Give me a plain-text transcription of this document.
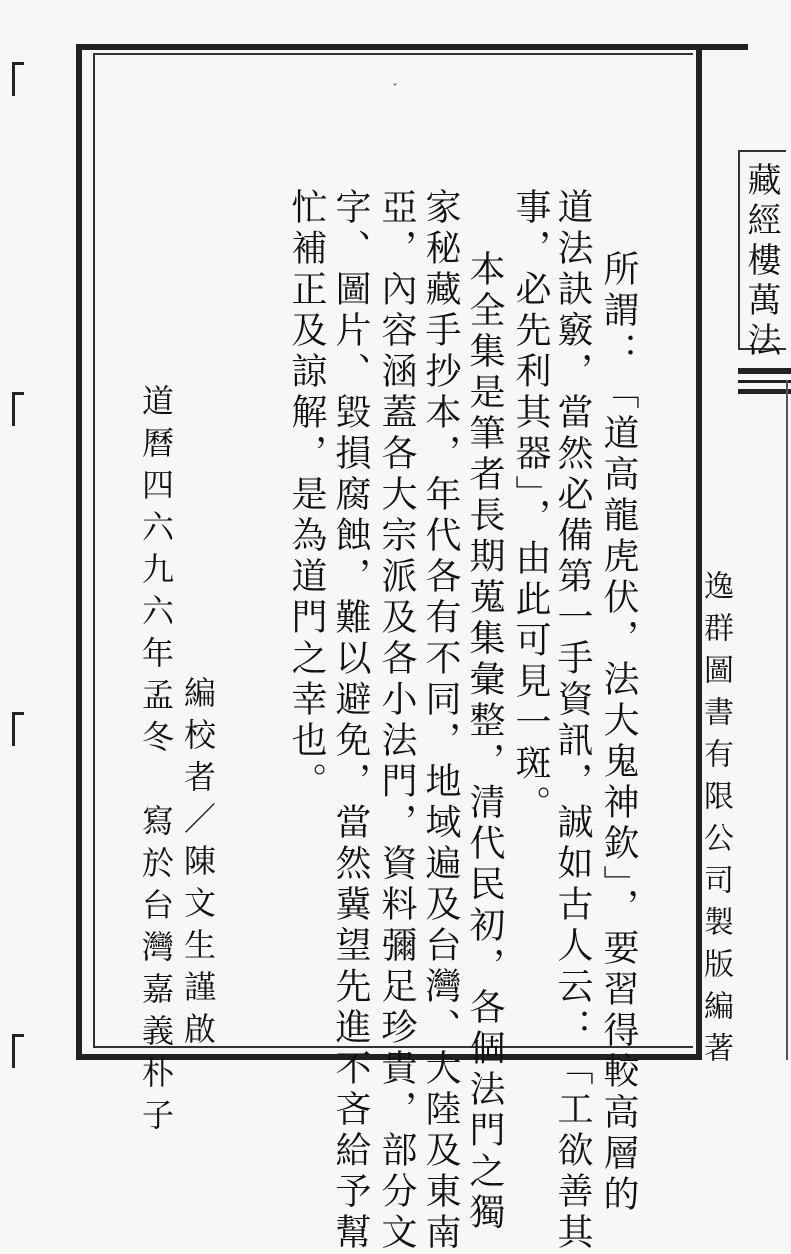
ˇ
所謂：「道高龍虎伏，法大鬼神欽」，要習得較高層的
道法訣竅，當然必備第一手資訊，誠如古人云：「工欲善其
事，必先利其器」，由此可見一斑。
本全集是筆者長期蒐集彙整，清代民初，各個法門之獨
家秘藏手抄本，年代各有不同，地域遍及台灣、大陸及東南
亞，內容涵蓋各大宗派及各小法門，資料彌足珍貴，部分文
字、圖片、毀損腐蝕，難以避免，當然冀望先進不吝給予幫
忙補正及諒解，是為道門之幸也。
編校者／陳文生謹啟
道曆四六九六年孟冬　寫於台灣嘉義朴子
藏經樓萬法
逸群圖書有限公司製版編著
